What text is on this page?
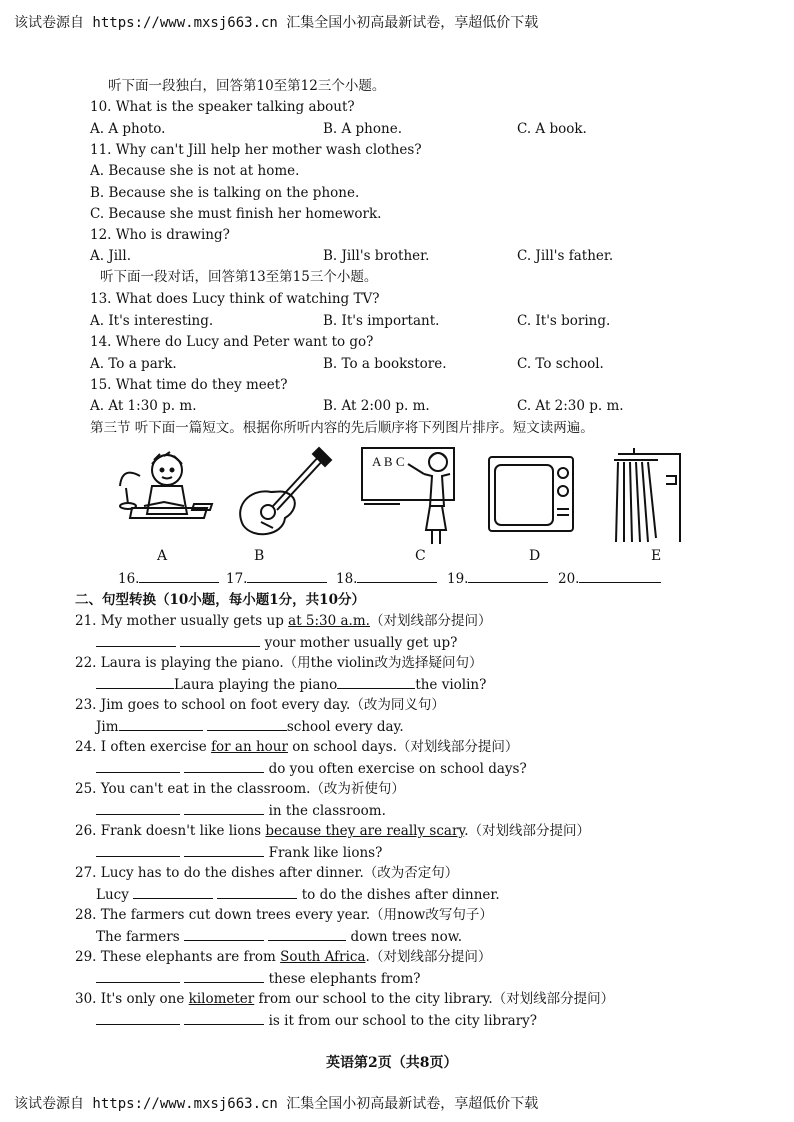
该试卷源自 https://www.mxsj663.cn 汇集全国小初高最新试卷，享超低价下载
听下面一段独白，回答第10至第12三个小题。
10. What is the speaker talking about?
A. A photo.	B. A phone.	C. A book.
11. Why can't Jill help her mother wash clothes?
A. Because she is not at home.
B. Because she is talking on the phone.
C. Because she must finish her homework.
12. Who is drawing?
A. Jill.	B. Jill's brother.	C. Jill's father.
听下面一段对话，回答第13至第15三个小题。
13. What does Lucy think of watching TV?
A. It's interesting.	B. It's important.	C. It's boring.
14. Where do Lucy and Peter want to go?
A. To a park.	B. To a bookstore.	C. To school.
15. What time do they meet?
A. At 1:30 p. m.	B. At 2:00 p. m.	C. At 2:30 p. m.
第三节 听下面一篇短文。根据你所听内容的先后顺序将下列图片排序。短文读两遍。
A B C
A	B	C	D	E
16.	17.	18.	19.	20.
二、句型转换（10小题，每小题1分，共10分）
21. My mother usually gets up at 5:30 a.m.（对划线部分提问）
your mother usually get up?
22. Laura is playing the piano.（用the violin改为选择疑问句）
Laura playing the piano	the violin?
23. Jim goes to school on foot every day.（改为同义句）
Jim	school every day.
24. I often exercise for an hour on school days.（对划线部分提问）
do you often exercise on school days?
25. You can't eat in the classroom.（改为祈使句）
in the classroom.
26. Frank doesn't like lions because they are really scary.（对划线部分提问）
Frank like lions?
27. Lucy has to do the dishes after dinner.（改为否定句）
Lucy	to do the dishes after dinner.
28. The farmers cut down trees every year.（用now改写句子）
The farmers	down trees now.
29. These elephants are from South Africa.（对划线部分提问）
these elephants from?
30. It's only one kilometer from our school to the city library.（对划线部分提问）
is it from our school to the city library?
英语第2页（共8页）
该试卷源自 https://www.mxsj663.cn 汇集全国小初高最新试卷，享超低价下载
